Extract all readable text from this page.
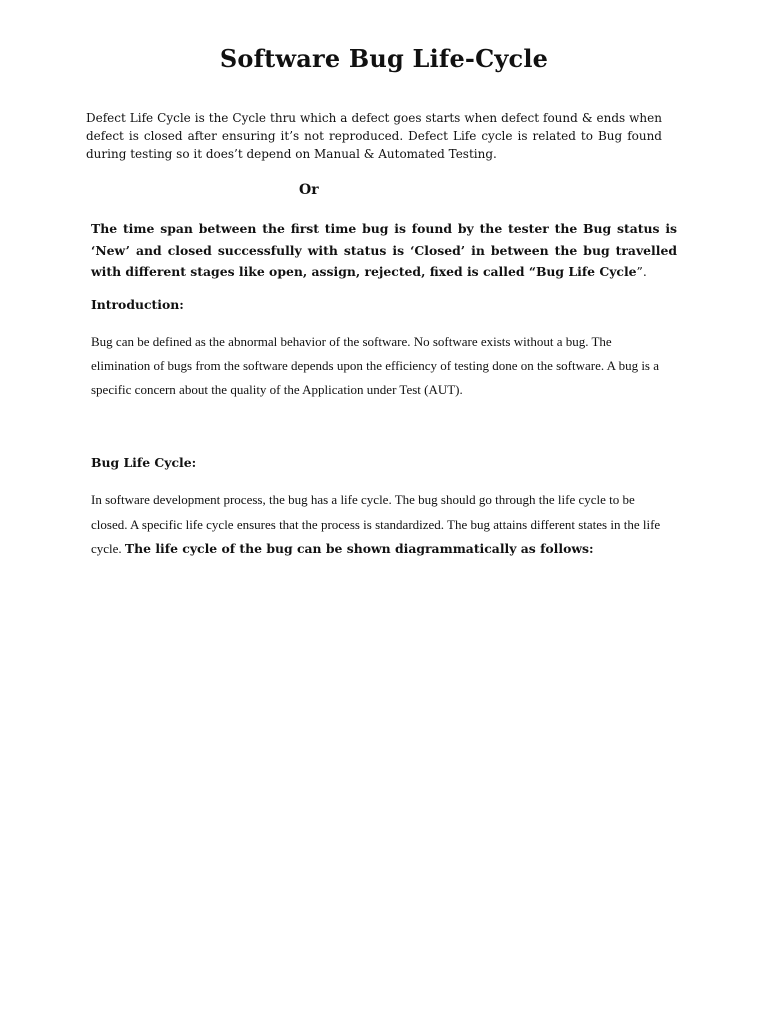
Software Bug Life-Cycle

Defect Life Cycle is the Cycle thru which a defect goes starts when defect found & ends when defect is closed after ensuring it’s not reproduced. Defect Life cycle is related to Bug found during testing so it does’t depend on Manual & Automated Testing.

Or

The time span between the first time bug is found by the tester the Bug status is ‘New’ and closed successfully with status is ‘Closed’ in between the bug travelled with different stages like open, assign, rejected, fixed is called “Bug Life Cycle”.

Introduction:

Bug can be defined as the abnormal behavior of the software. No software exists without a bug. The elimination of bugs from the software depends upon the efficiency of testing done on the software. A bug is a specific concern about the quality of the Application under Test (AUT).

Bug Life Cycle:

In software development process, the bug has a life cycle. The bug should go through the life cycle to be closed. A specific life cycle ensures that the process is standardized. The bug attains different states in the life cycle. The life cycle of the bug can be shown diagrammatically as follows:
